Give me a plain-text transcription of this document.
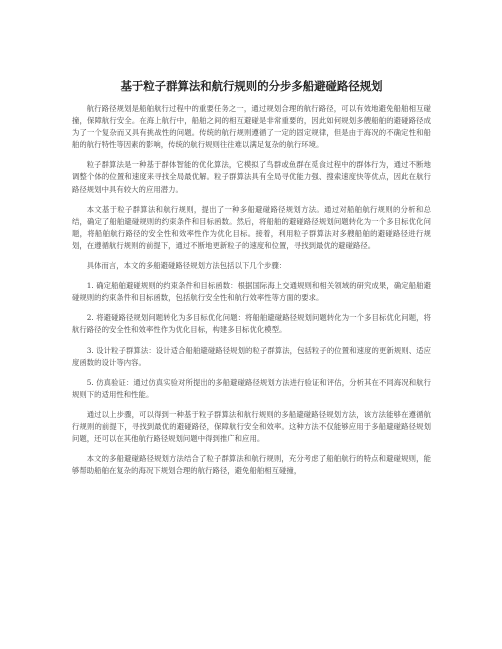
基于粒子群算法和航行规则的分步多船避碰路径规划

航行路径规划是船舶航行过程中的重要任务之一，通过规划合理的航行路径，可以有效地避免船舶相互碰撞，保障航行安全。在海上航行中，船舶之间的相互避碰是非常重要的，因此如何规划多艘船舶的避碰路径成为了一个复杂而又具有挑战性的问题。传统的航行规则遵循了一定的固定规律，但是由于海况的不确定性和船舶的航行特性等因素的影响，传统的航行规则往往难以满足复杂的航行环境。

粒子群算法是一种基于群体智能的优化算法，它模拟了鸟群或鱼群在觅食过程中的群体行为，通过不断地调整个体的位置和速度来寻找全局最优解。粒子群算法具有全局寻优能力强、搜索速度快等优点，因此在航行路径规划中具有较大的应用潜力。

本文基于粒子群算法和航行规则，提出了一种多船避碰路径规划方法。通过对船舶航行规则的分析和总结，确定了船舶避碰规则的约束条件和目标函数。然后，将船舶的避碰路径规划问题转化为一个多目标优化问题，将船舶航行路径的安全性和效率性作为优化目标。接着，利用粒子群算法对多艘船舶的避碰路径进行规划，在遵循航行规则的前提下，通过不断地更新粒子的速度和位置，寻找到最优的避碰路径。

具体而言，本文的多船避碰路径规划方法包括以下几个步骤：

1. 确定船舶避碰规则的约束条件和目标函数：根据国际海上交通规则和相关领域的研究成果，确定船舶避碰规则的约束条件和目标函数，包括航行安全性和航行效率性等方面的要求。

2. 将避碰路径规划问题转化为多目标优化问题：将船舶避碰路径规划问题转化为一个多目标优化问题，将航行路径的安全性和效率性作为优化目标，构建多目标优化模型。

3. 设计粒子群算法：设计适合船舶避碰路径规划的粒子群算法，包括粒子的位置和速度的更新规则、适应度函数的设计等内容。

5. 仿真验证：通过仿真实验对所提出的多船避碰路径规划方法进行验证和评估，分析其在不同海况和航行规则下的适用性和性能。

通过以上步骤，可以得到一种基于粒子群算法和航行规则的多船避碰路径规划方法，该方法能够在遵循航行规则的前提下，寻找到最优的避碰路径，保障航行安全和效率。这种方法不仅能够应用于多船避碰路径规划问题，还可以在其他航行路径规划问题中得到推广和应用。

本文的多船避碰路径规划方法结合了粒子群算法和航行规则，充分考虑了船舶航行的特点和避碰规则，能够帮助船舶在复杂的海况下规划合理的航行路径，避免船舶相互碰撞，
